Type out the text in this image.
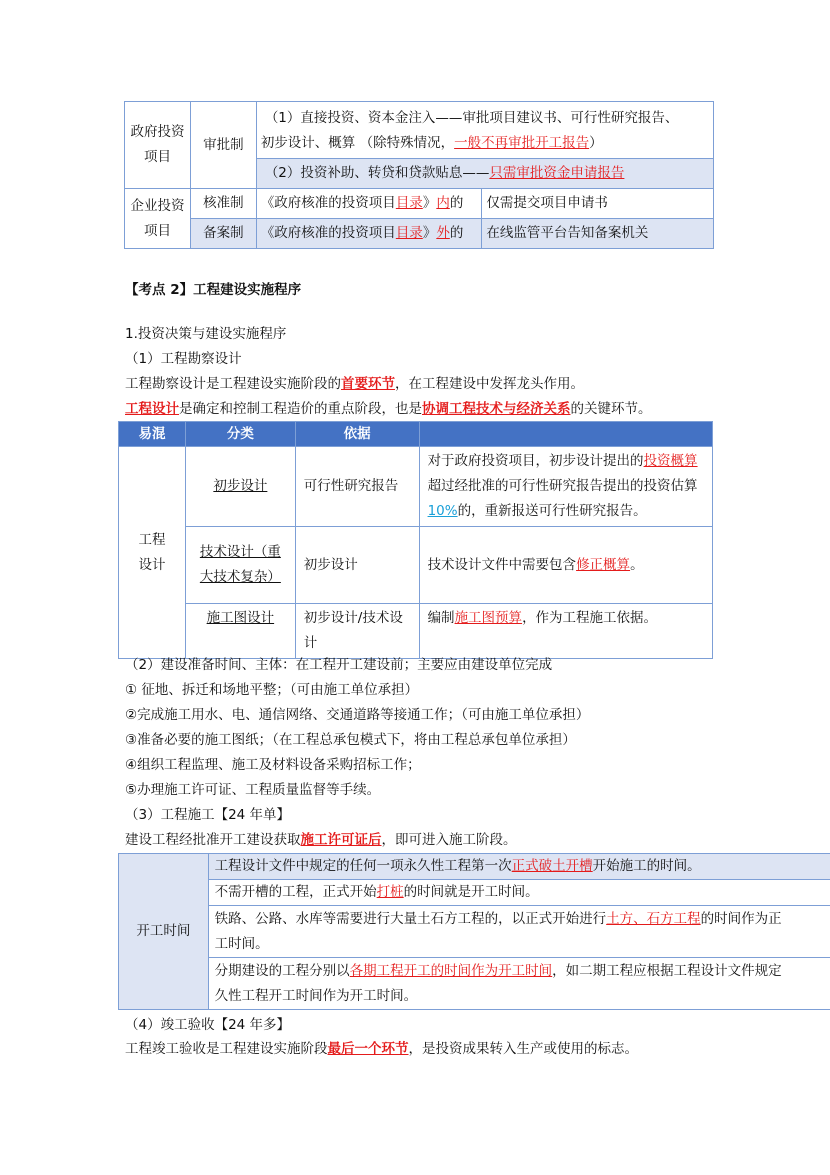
政府投资项目	审批制	（1）直接投资、资本金注入——审批项目建议书、可行性研究报告、
初步设计、概算 （除特殊情况，一般不再审批开工报告）	

		（2）投资补助、转贷和贷款贴息——只需审批资金申请报告	
企业投资项目	核准制	《政府核准的投资项目目录》内的	仅需提交项目申请书
	备案制	《政府核准的投资项目目录》外的	在线监管平台告知备案机关
【考点 2】工程建设实施程序
1.投资决策与建设实施程序
（1）工程勘察设计
工程勘察设计是工程建设实施阶段的首要环节，在工程建设中发挥龙头作用。
工程设计是确定和控制工程造价的重点阶段，也是协调工程技术与经济关系的关键环节。
易混	分类	依据	
工程设计	初步设计	可行性研究报告	对于政府投资项目，初步设计提出的投资概算超过经批准的可行性研究报告提出的投资估算 10%的，重新报送可行性研究报告。
	技术设计（重大技术复杂）	初步设计	技术设计文件中需要包含修正概算。
	施工图设计	初步设计/技术设计	编制施工图预算，作为工程施工依据。
（2）建设准备时间、主体：在工程开工建设前；主要应由建设单位完成
① 征地、拆迁和场地平整；（可由施工单位承担）
②完成施工用水、电、通信网络、交通道路等接通工作；（可由施工单位承担）
③准备必要的施工图纸；（在工程总承包模式下，将由工程总承包单位承担）
④组织工程监理、施工及材料设备采购招标工作；
⑤办理施工许可证、工程质量监督等手续。
（3）工程施工【24 年单】
建设工程经批准开工建设获取施工许可证后，即可进入施工阶段。
开工时间	工程设计文件中规定的任何一项永久性工程第一次正式破土开槽开始施工的时间。
不需开槽的工程，正式开始打桩的时间就是开工时间。

铁路、公路、水库等需要进行大量土石方工程的，以正式开始进行土方、石方工程的时间作为正
工时间。

分期建设的工程分别以各期工程开工的时间作为开工时间，如二期工程应根据工程设计文件规定
久性工程开工时间作为开工时间。
（4）竣工验收【24 年多】
工程竣工验收是工程建设实施阶段最后一个环节，是投资成果转入生产或使用的标志。
